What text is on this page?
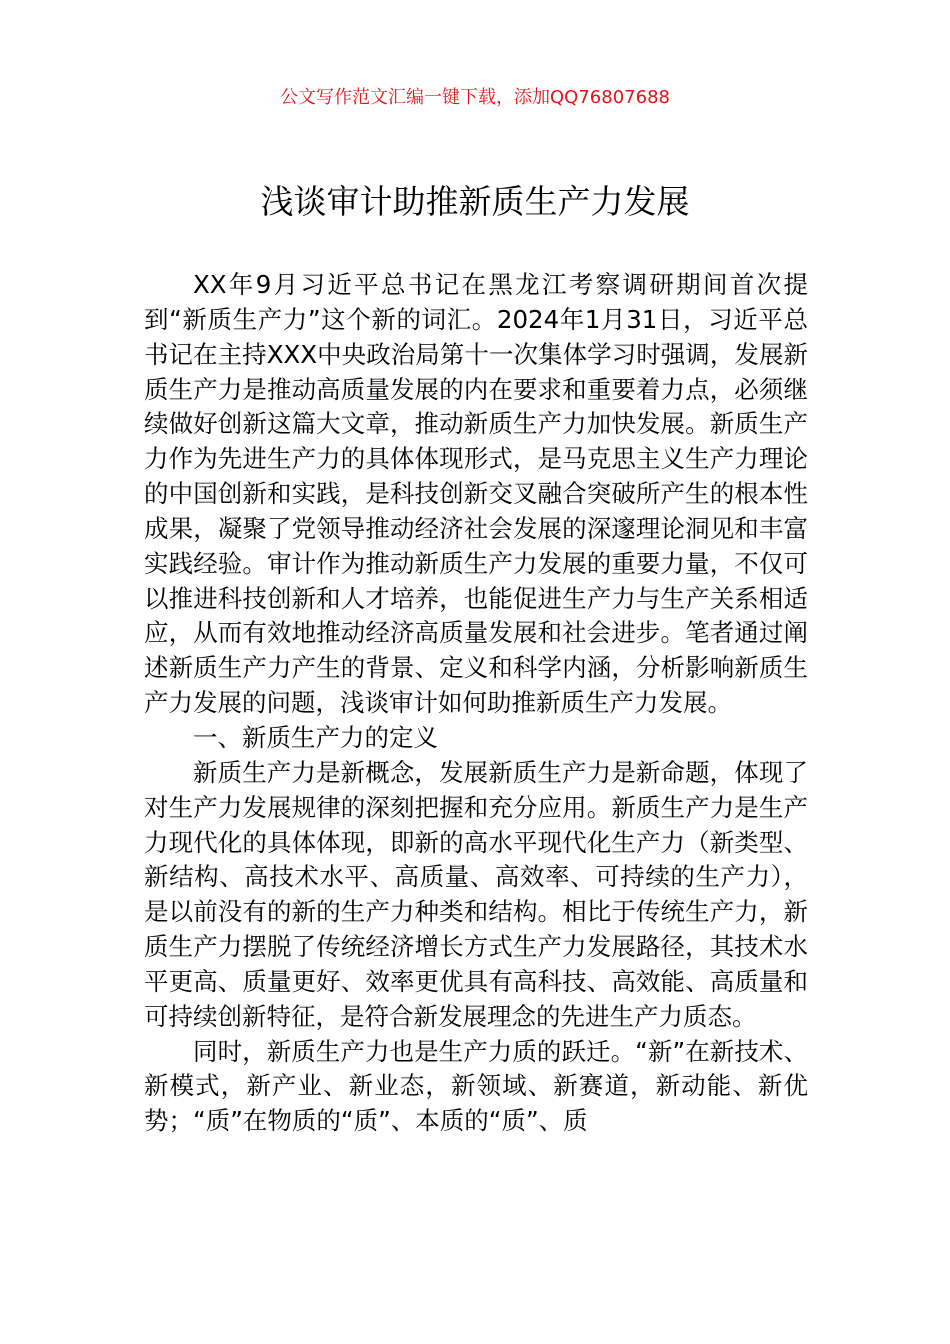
公文写作范文汇编一键下载，添加QQ76807688
浅谈审计助推新质生产力发展

XX年9月习近平总书记在黑龙江考察调研期间首次提到“新质生产力”这个新的词汇。2024年1月31日，习近平总书记在主持XXX中央政治局第十一次集体学习时强调，发展新质生产力是推动高质量发展的内在要求和重要着力点，必须继续做好创新这篇大文章，推动新质生产力加快发展。新质生产力作为先进生产力的具体体现形式，是马克思主义生产力理论的中国创新和实践，是科技创新交叉融合突破所产生的根本性成果，凝聚了党领导推动经济社会发展的深邃理论洞见和丰富实践经验。审计作为推动新质生产力发展的重要力量，不仅可以推进科技创新和人才培养，也能促进生产力与生产关系相适应，从而有效地推动经济高质量发展和社会进步。笔者通过阐述新质生产力产生的背景、定义和科学内涵，分析影响新质生产力发展的问题，浅谈审计如何助推新质生产力发展。

一、新质生产力的定义

新质生产力是新概念，发展新质生产力是新命题，体现了对生产力发展规律的深刻把握和充分应用。新质生产力是生产力现代化的具体体现，即新的高水平现代化生产力（新类型、新结构、高技术水平、高质量、高效率、可持续的生产力），是以前没有的新的生产力种类和结构。相比于传统生产力，新质生产力摆脱了传统经济增长方式生产力发展路径，其技术水平更高、质量更好、效率更优具有高科技、高效能、高质量和可持续创新特征，是符合新发展理念的先进生产力质态。

同时，新质生产力也是生产力质的跃迁。“新”在新技术、新模式，新产业、新业态，新领域、新赛道，新动能、新优势；“质”在物质的“质”、本质的“质”、质
